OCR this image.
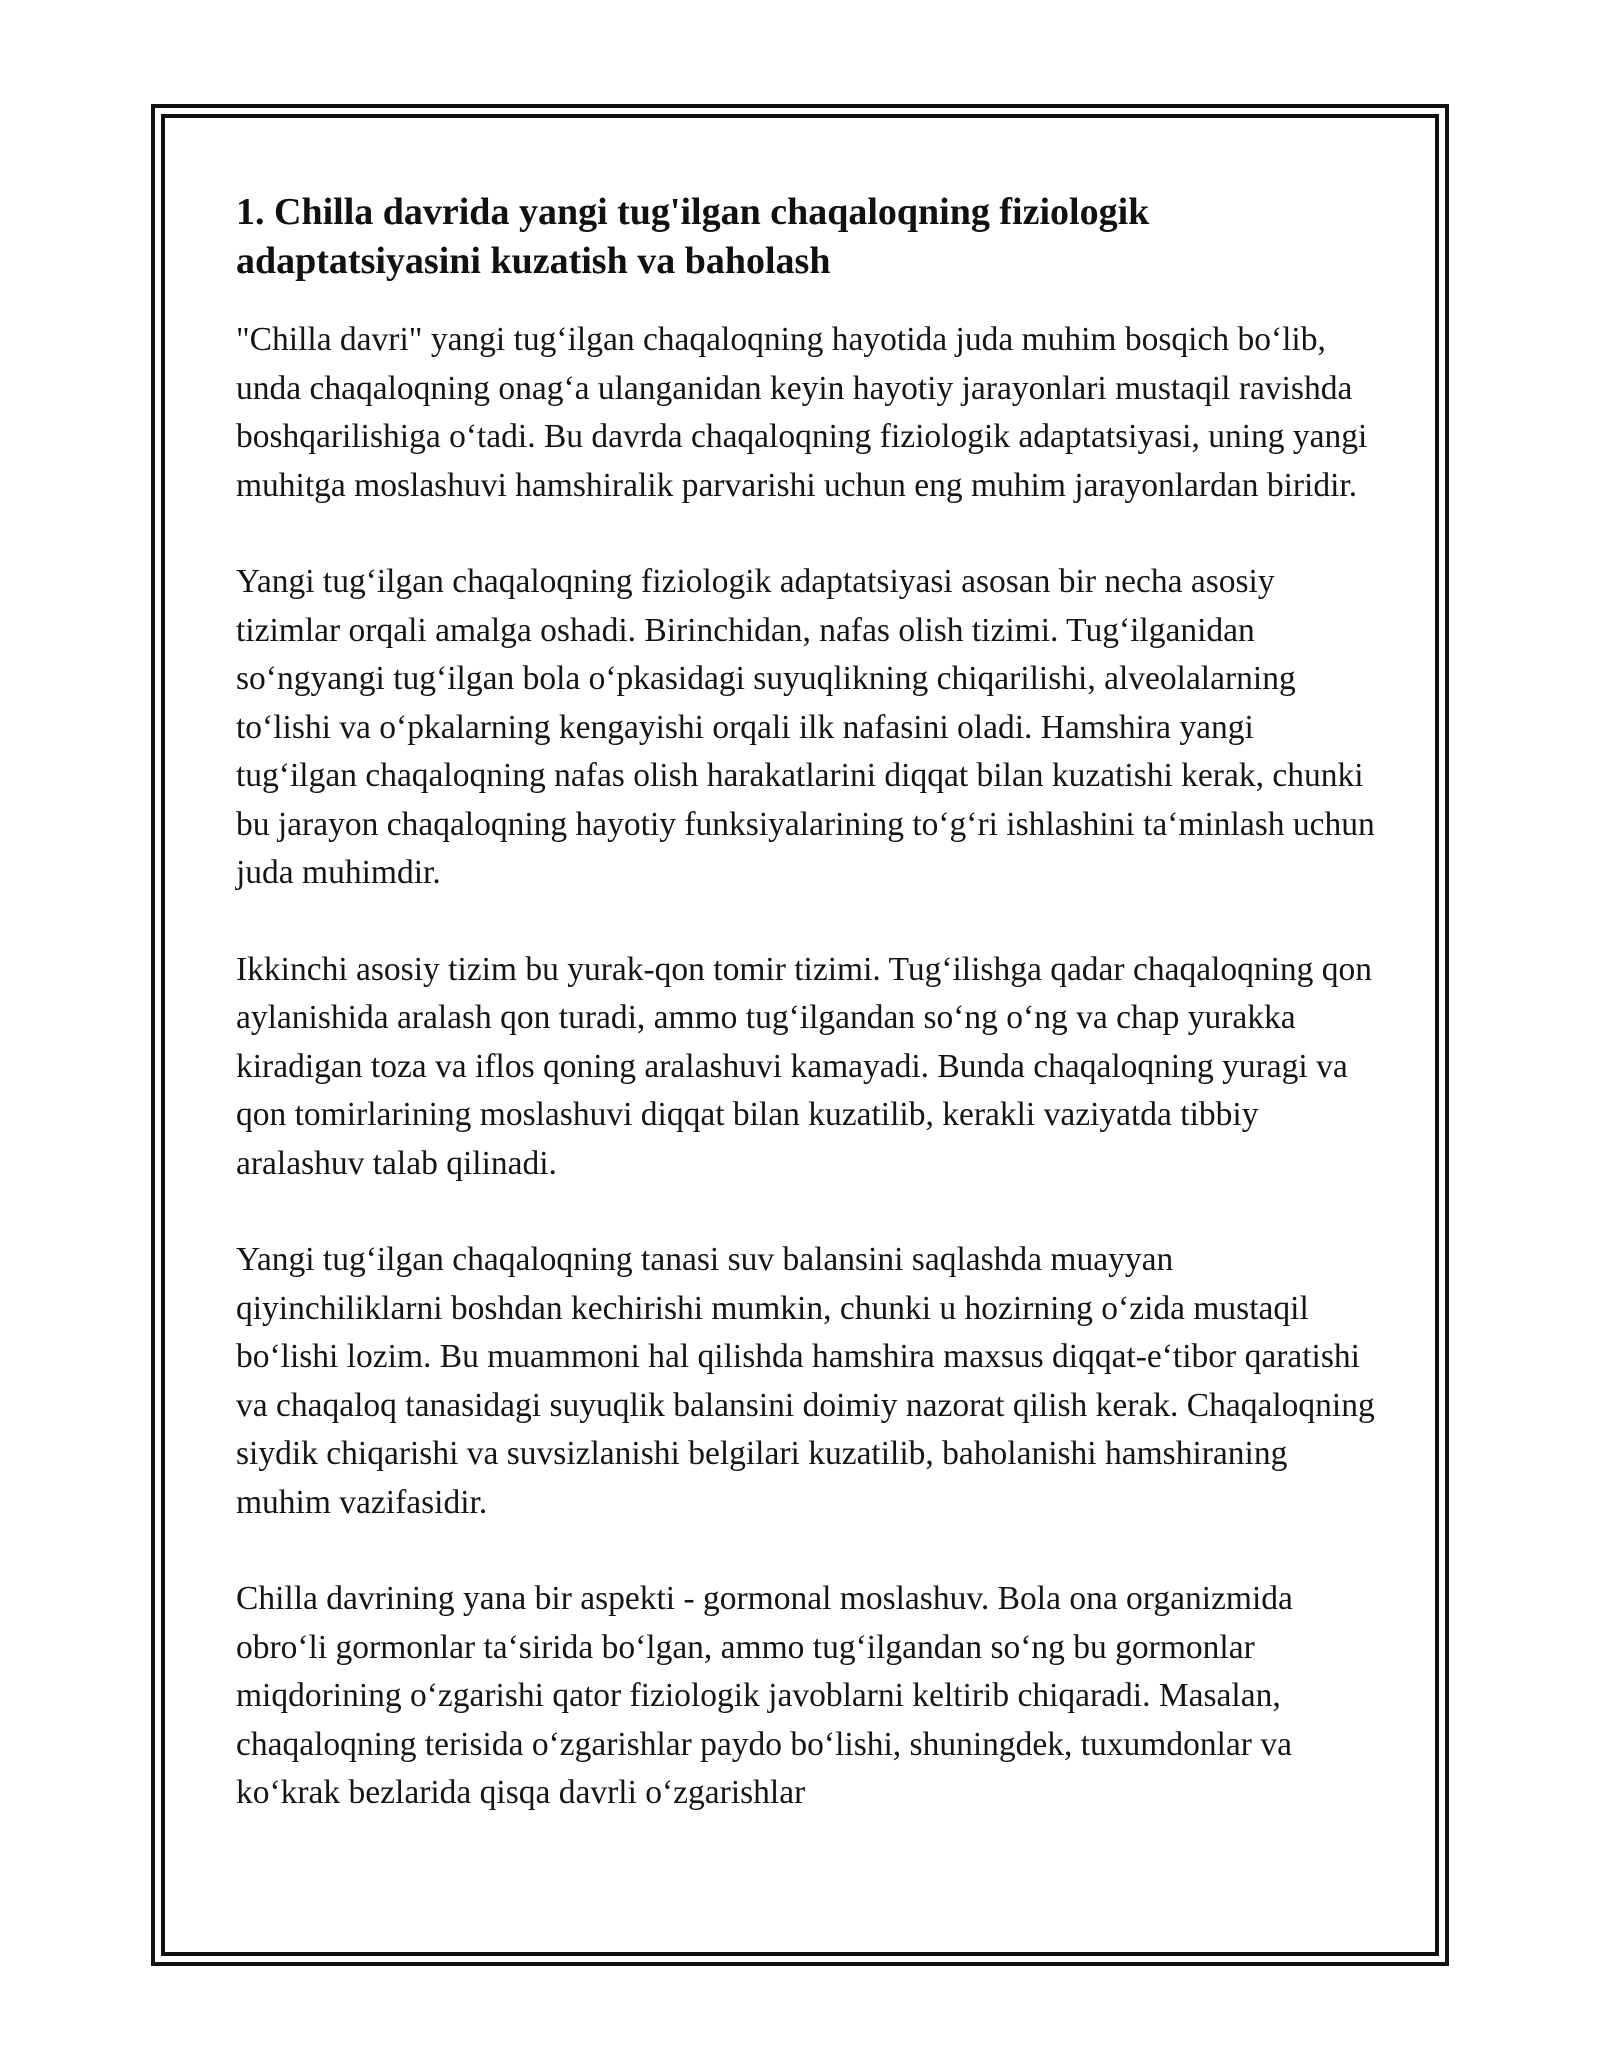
1. Chilla davrida yangi tug'ilgan chaqaloqning fiziologik adaptatsiyasini kuzatish va baholash

"Chilla davri" yangi tug‘ilgan chaqaloqning hayotida juda muhim bosqich bo‘lib, unda chaqaloqning onag‘a ulanganidan keyin hayotiy jarayonlari mustaqil ravishda boshqarilishiga o‘tadi. Bu davrda chaqaloqning fiziologik adaptatsiyasi, uning yangi muhitga moslashuvi hamshiralik parvarishi uchun eng muhim jarayonlardan biridir.

Yangi tug‘ilgan chaqaloqning fiziologik adaptatsiyasi asosan bir necha asosiy tizimlar orqali amalga oshadi. Birinchidan, nafas olish tizimi. Tug‘ilganidan so‘ngyangi tug‘ilgan bola o‘pkasidagi suyuqlikning chiqarilishi, alveolalarning to‘lishi va o‘pkalarning kengayishi orqali ilk nafasini oladi. Hamshira yangi tug‘ilgan chaqaloqning nafas olish harakatlarini diqqat bilan kuzatishi kerak, chunki bu jarayon chaqaloqning hayotiy funksiyalarining to‘g‘ri ishlashini ta‘minlash uchun juda muhimdir.

Ikkinchi asosiy tizim bu yurak-qon tomir tizimi. Tug‘ilishga qadar chaqaloqning qon aylanishida aralash qon turadi, ammo tug‘ilgandan so‘ng o‘ng va chap yurakka kiradigan toza va iflos qoning aralashuvi kamayadi. Bunda chaqaloqning yuragi va qon tomirlarining moslashuvi diqqat bilan kuzatilib, kerakli vaziyatda tibbiy aralashuv talab qilinadi.

Yangi tug‘ilgan chaqaloqning tanasi suv balansini saqlashda muayyan qiyinchiliklarni boshdan kechirishi mumkin, chunki u hozirning o‘zida mustaqil bo‘lishi lozim. Bu muammoni hal qilishda hamshira maxsus diqqat-e‘tibor qaratishi va chaqaloq tanasidagi suyuqlik balansini doimiy nazorat qilish kerak. Chaqaloqning siydik chiqarishi va suvsizlanishi belgilari kuzatilib, baholanishi hamshiraning muhim vazifasidir.

Chilla davrining yana bir aspekti - gormonal moslashuv. Bola ona organizmida obro‘li gormonlar ta‘sirida bo‘lgan, ammo tug‘ilgandan so‘ng bu gormonlar miqdorining o‘zgarishi qator fiziologik javoblarni keltirib chiqaradi. Masalan, chaqaloqning terisida o‘zgarishlar paydo bo‘lishi, shuningdek, tuxumdonlar va ko‘krak bezlarida qisqa davrli o‘zgarishlar
